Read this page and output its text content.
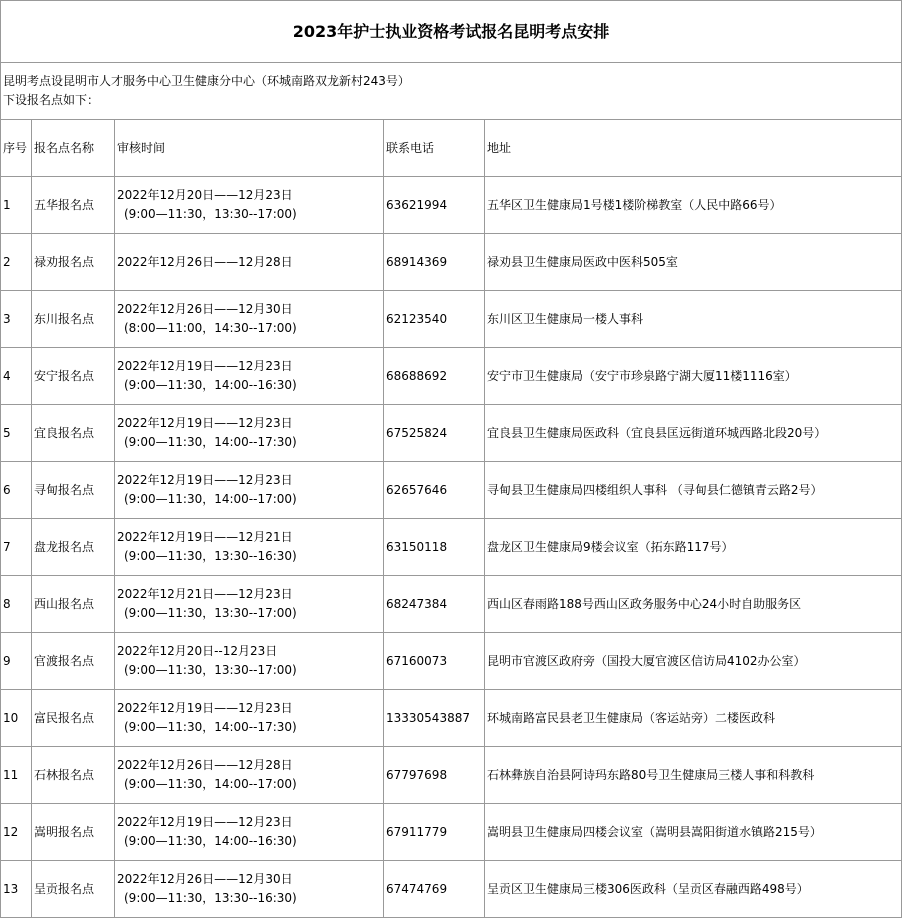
2023年护士执业资格考试报名昆明考点安排				

昆明考点设昆明市人才服务中心卫生健康分中心（环城南路双龙新村243号）
下设报名点如下：				

序号	报名点名称	审核时间	联系电话	地址
1	五华报名点	2022年12月20日——12月23日
(9:00—11:30，13:30--17:00)	63621994	五华区卫生健康局1号楼1楼阶梯教室（人民中路66号）
2	禄劝报名点	2022年12月26日——12月28日	68914369	禄劝县卫生健康局医政中医科505室
3	东川报名点	2022年12月26日——12月30日
(8:00—11:00，14:30--17:00)	62123540	东川区卫生健康局一楼人事科
4	安宁报名点	2022年12月19日——12月23日
(9:00—11:30，14:00--16:30)	68688692	安宁市卫生健康局（安宁市珍泉路宁湖大厦11楼1116室）
5	宜良报名点	2022年12月19日——12月23日
(9:00—11:30，14:00--17:30)	67525824	宜良县卫生健康局医政科（宜良县匡远街道环城西路北段20号）
6	寻甸报名点	2022年12月19日——12月23日
(9:00—11:30，14:00--17:00)	62657646	寻甸县卫生健康局四楼组织人事科 （寻甸县仁德镇青云路2号）
7	盘龙报名点	2022年12月19日——12月21日
(9:00—11:30，13:30--16:30)	63150118	盘龙区卫生健康局9楼会议室（拓东路117号）
8	西山报名点	2022年12月21日——12月23日
(9:00—11:30，13:30--17:00)	68247384	西山区春雨路188号西山区政务服务中心24小时自助服务区
9	官渡报名点	2022年12月20日--12月23日
(9:00—11:30，13:30--17:00)	67160073	昆明市官渡区政府旁（国投大厦官渡区信访局4102办公室）
10	富民报名点	2022年12月19日——12月23日
(9:00—11:30，14:00--17:30)	13330543887	环城南路富民县老卫生健康局（客运站旁）二楼医政科
11	石林报名点	2022年12月26日——12月28日
(9:00—11:30，14:00--17:00)	67797698	石林彝族自治县阿诗玛东路80号卫生健康局三楼人事和科教科
12	嵩明报名点	2022年12月19日——12月23日
(9:00—11:30，14:00--16:30)	67911779	嵩明县卫生健康局四楼会议室（嵩明县嵩阳街道水镇路215号）
13	呈贡报名点	2022年12月26日——12月30日
(9:00—11:30，13:30--16:30)	67474769	呈贡区卫生健康局三楼306医政科（呈贡区春融西路498号）
